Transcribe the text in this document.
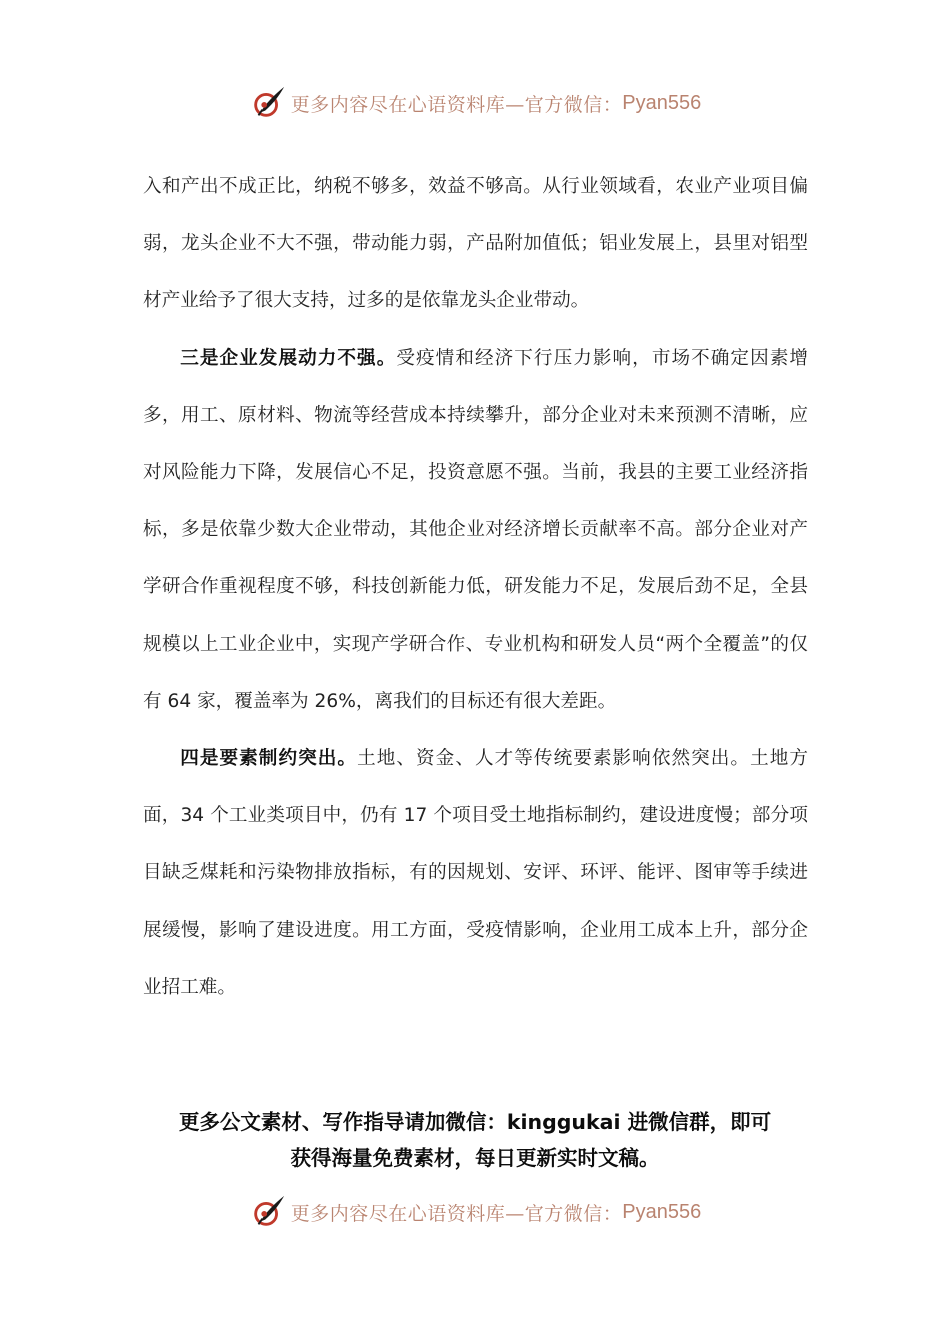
更多内容尽在心语资料库—官方微信： Pyan556

入和产出不成正比，纳税不够多，效益不够高。从行业领域看，农业产业项目偏弱，龙头企业不大不强，带动能力弱，产品附加值低；铝业发展上，县里对铝型材产业给予了很大支持，过多的是依靠龙头企业带动。

三是企业发展动力不强。受疫情和经济下行压力影响，市场不确定因素增多，用工、原材料、物流等经营成本持续攀升，部分企业对未来预测不清晰，应对风险能力下降，发展信心不足，投资意愿不强。当前，我县的主要工业经济指标，多是依靠少数大企业带动，其他企业对经济增长贡献率不高。部分企业对产学研合作重视程度不够，科技创新能力低，研发能力不足，发展后劲不足，全县规模以上工业企业中，实现产学研合作、专业机构和研发人员“两个全覆盖”的仅有 64 家，覆盖率为 26%，离我们的目标还有很大差距。

四是要素制约突出。土地、资金、人才等传统要素影响依然突出。土地方面，34 个工业类项目中，仍有 17 个项目受土地指标制约，建设进度慢；部分项目缺乏煤耗和污染物排放指标，有的因规划、安评、环评、能评、图审等手续进展缓慢，影响了建设进度。用工方面，受疫情影响，企业用工成本上升，部分企业招工难。

更多公文素材、写作指导请加微信：kinggukai 进微信群，即可
获得海量免费素材，每日更新实时文稿。
更多内容尽在心语资料库—官方微信： Pyan556
